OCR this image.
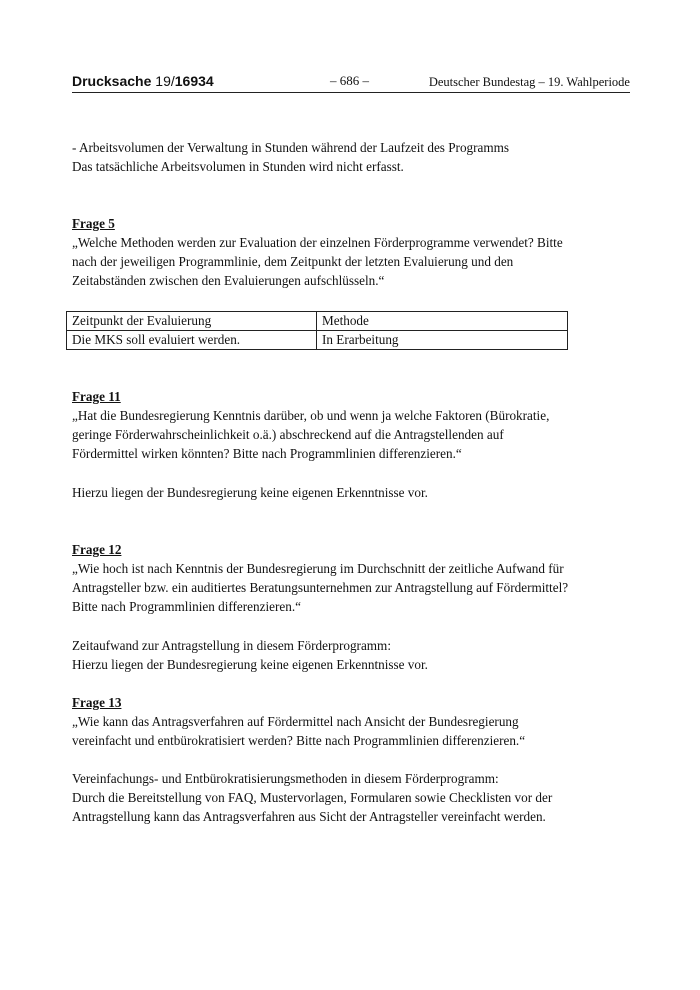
Drucksache 19/16934	– 686 –	Deutscher Bundestag – 19. Wahlperiode
- Arbeitsvolumen der Verwaltung in Stunden während der Laufzeit des Programms
Das tatsächliche Arbeitsvolumen in Stunden wird nicht erfasst.
Frage 5
„Welche Methoden werden zur Evaluation der einzelnen Förderprogramme verwendet? Bitte
nach der jeweiligen Programmlinie, dem Zeitpunkt der letzten Evaluierung und den
Zeitabständen zwischen den Evaluierungen aufschlüsseln.“
Zeitpunkt der Evaluierung	Methode
Die MKS soll evaluiert werden.	In Erarbeitung
Frage 11
„Hat die Bundesregierung Kenntnis darüber, ob und wenn ja welche Faktoren (Bürokratie,
geringe Förderwahrscheinlichkeit o.ä.) abschreckend auf die Antragstellenden auf
Fördermittel wirken könnten? Bitte nach Programmlinien differenzieren.“
Hierzu liegen der Bundesregierung keine eigenen Erkenntnisse vor.
Frage 12
„Wie hoch ist nach Kenntnis der Bundesregierung im Durchschnitt der zeitliche Aufwand für
Antragsteller bzw. ein auditiertes Beratungsunternehmen zur Antragstellung auf Fördermittel?
Bitte nach Programmlinien differenzieren.“
Zeitaufwand zur Antragstellung in diesem Förderprogramm:
Hierzu liegen der Bundesregierung keine eigenen Erkenntnisse vor.
Frage 13
„Wie kann das Antragsverfahren auf Fördermittel nach Ansicht der Bundesregierung
vereinfacht und entbürokratisiert werden? Bitte nach Programmlinien differenzieren.“
Vereinfachungs- und Entbürokratisierungsmethoden in diesem Förderprogramm:
Durch die Bereitstellung von FAQ, Mustervorlagen, Formularen sowie Checklisten vor der
Antragstellung kann das Antragsverfahren aus Sicht der Antragsteller vereinfacht werden.
